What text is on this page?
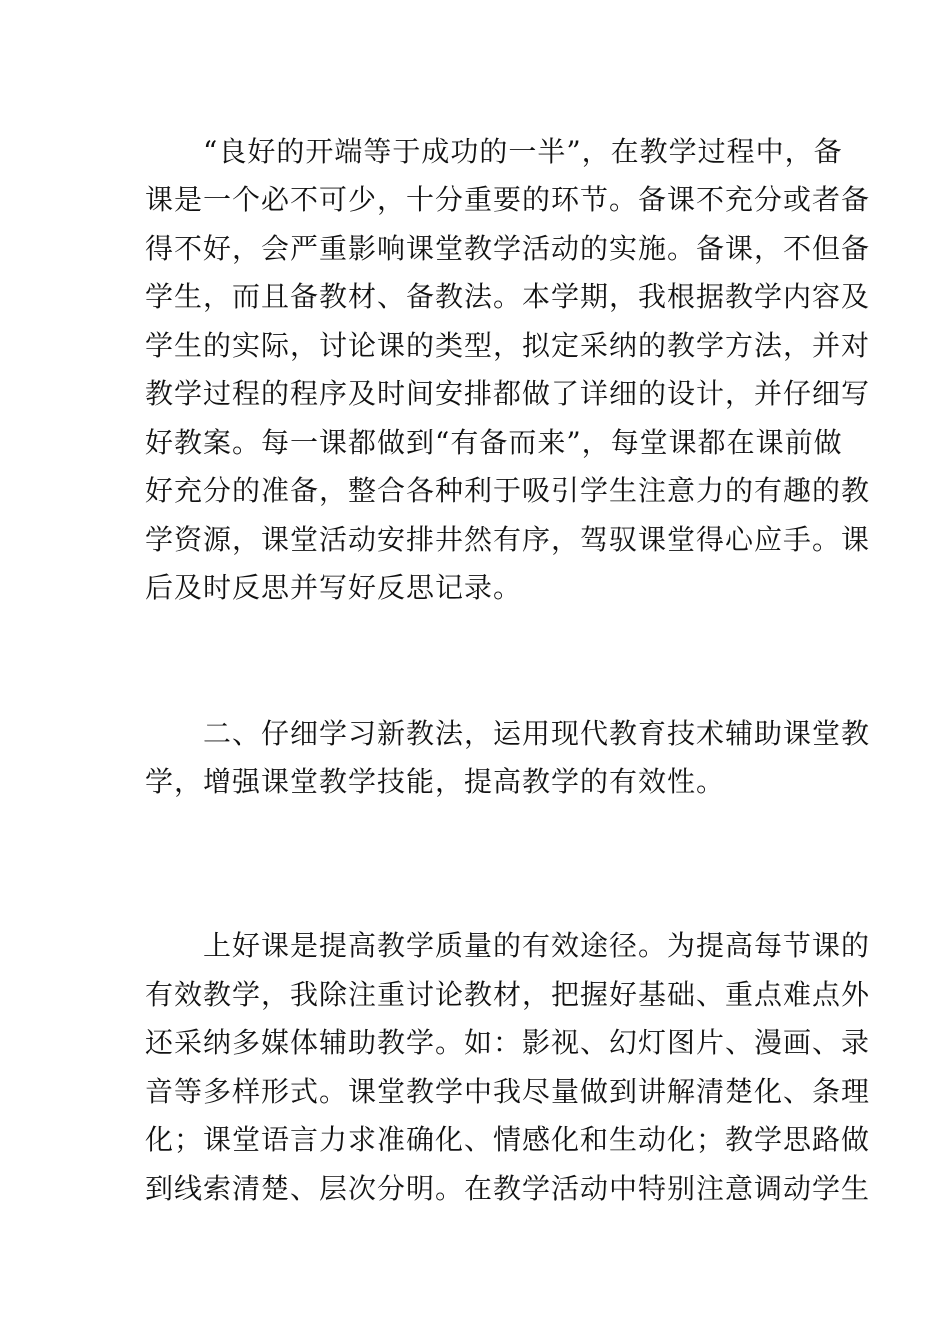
“良好的开端等于成功的一半”，在教学过程中，备
课是一个必不可少，十分重要的环节。备课不充分或者备
得不好，会严重影响课堂教学活动的实施。备课，不但备
学生，而且备教材、备教法。本学期，我根据教学内容及
学生的实际，讨论课的类型，拟定采纳的教学方法，并对
教学过程的程序及时间安排都做了详细的设计，并仔细写
好教案。每一课都做到“有备而来”，每堂课都在课前做
好充分的准备，整合各种利于吸引学生注意力的有趣的教
学资源，课堂活动安排井然有序，驾驭课堂得心应手。课
后及时反思并写好反思记录。
二、仔细学习新教法，运用现代教育技术辅助课堂教
学，增强课堂教学技能，提高教学的有效性。
上好课是提高教学质量的有效途径。为提高每节课的
有效教学，我除注重讨论教材，把握好基础、重点难点外
还采纳多媒体辅助教学。如：影视、幻灯图片、漫画、录
音等多样形式。课堂教学中我尽量做到讲解清楚化、条理
化；课堂语言力求准确化、情感化和生动化；教学思路做
到线索清楚、层次分明。在教学活动中特别注意调动学生
